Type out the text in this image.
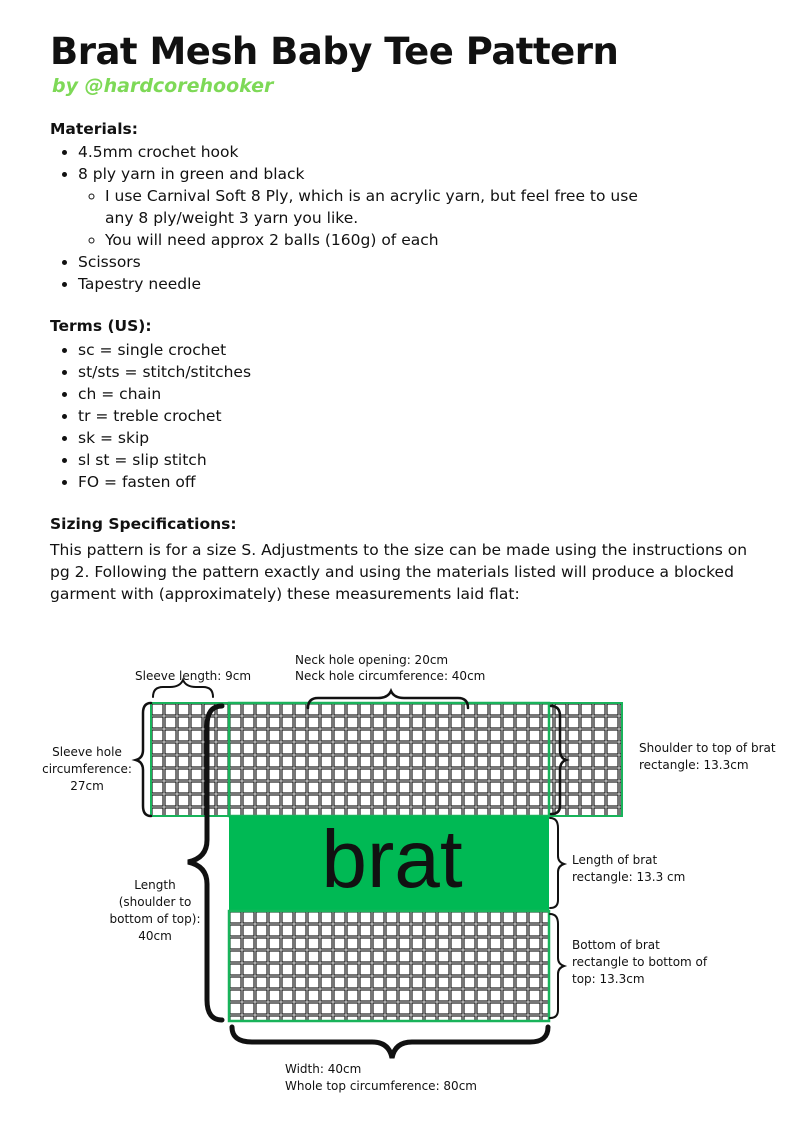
Brat Mesh Baby Tee Pattern
by @hardcorehooker
Materials:
• 4.5mm crochet hook
• 8 ply yarn in green and black
◦ I use Carnival Soft 8 Ply, which is an acrylic yarn, but feel free to use any 8 ply/weight 3 yarn you like.
◦ You will need approx 2 balls (160g) of each
• Scissors
• Tapestry needle
Terms (US):
• sc = single crochet
• st/sts = stitch/stitches
• ch = chain
• tr = treble crochet
• sk = skip
• sl st = slip stitch
• FO = fasten off
Sizing Specifications:

This pattern is for a size S. Adjustments to the size can be made using the instructions on pg 2. Following the pattern exactly and using the materials listed will produce a blocked garment with (approximately) these measurements laid flat:

brat
Sleeve length: 9cm
Neck hole opening: 20cm
Neck hole circumference: 40cm
Sleeve hole
circumference:
27cm
Shoulder to top of brat
rectangle: 13.3cm
Length
(shoulder to
bottom of top):
40cm
Length of brat
rectangle: 13.3 cm
Bottom of brat
rectangle to bottom of
top: 13.3cm
Width: 40cm
Whole top circumference: 80cm
